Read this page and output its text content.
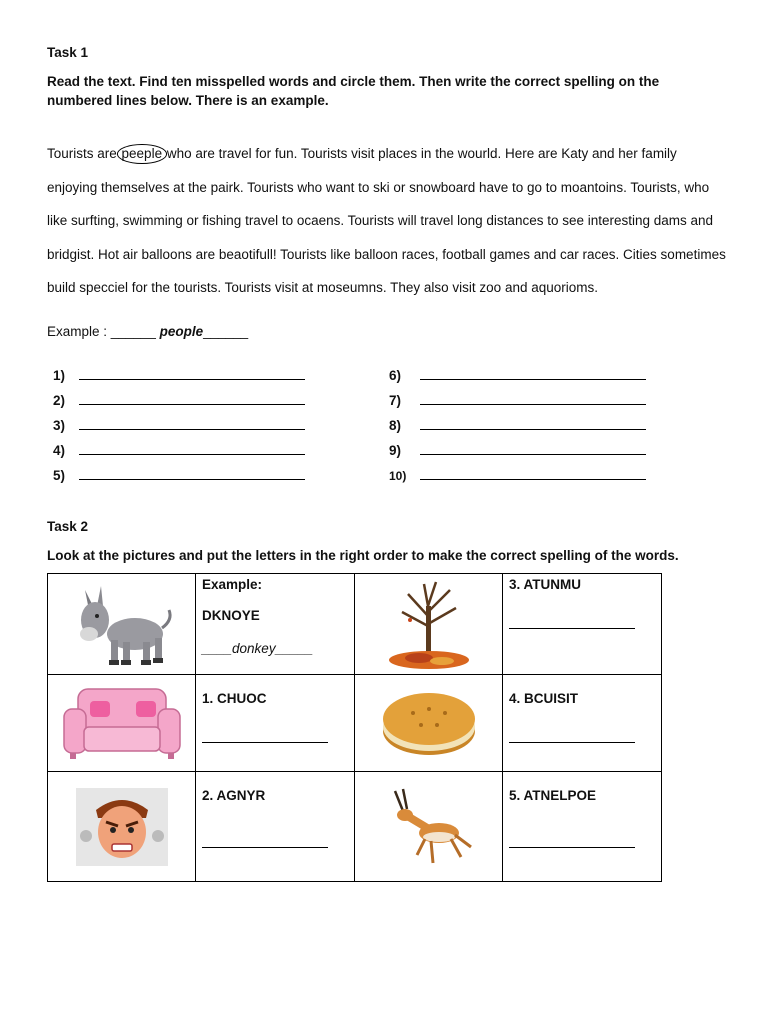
Task 1
Read the text. Find ten misspelled words and circle them. Then write the correct spelling on the numbered lines below. There is an example.
Tourists are peeple who are travel for fun. Tourists visit places in the wourld. Here are Katy and her family enjoying themselves at the pairk. Tourists who want to ski or snowboard have to go to moantoins. Tourists, who like surfting, swimming or fishing travel to ocaens. Tourists will travel long distances to see interesting dams and bridgist. Hot air balloons are beaotifull! Tourists like balloon races, football games and car races. Cities sometimes build specciel for the tourists. Tourists visit at moseumns. They also visit zoo and aquorioms.
Example : ______ people______
1)
2)
3)
4)
5)
6)
7)
8)
9)
10)
Task 2
Look at the pictures and put the letters in the right order to make the correct spelling of the words.

Example:
DKNOYE
____donkey_____		3. ATUNMU

1. CHUOC		4. BCUISIT

2. AGNYR		5. ATNELPOE
